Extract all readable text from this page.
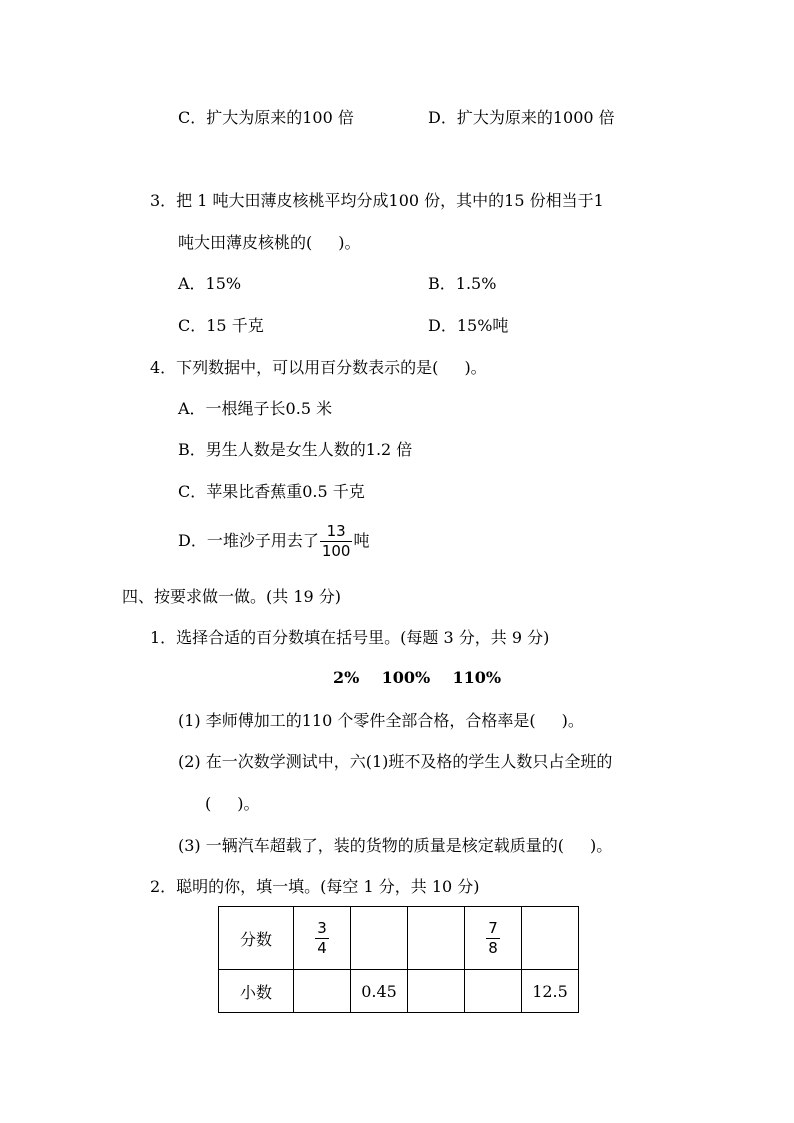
C．扩大为原来的100 倍	D．扩大为原来的1000 倍
3．把 1 吨大田薄皮核桃平均分成100 份，其中的15 份相当于1
吨大田薄皮核桃的( )。
A．15%	B．1.5%
C．15 千克	D．15%吨
4．下列数据中，可以用百分数表示的是( )。
A．一根绳子长0.5 米
B．男生人数是女生人数的1.2 倍
C．苹果比香蕉重0.5 千克
D．一堆沙子用去了 $\frac{13}{100}$ 吨
四、按要求做一做。(共 19 分)
1．选择合适的百分数填在括号里。(每题 3 分，共 9 分)
2%    100%    110%
(1) 李师傅加工的110 个零件全部合格，合格率是( )。
(2) 在一次数学测试中，六(1)班不及格的学生人数只占全班的
( )。
(3) 一辆汽车超载了，装的货物的质量是核定载质量的( )。
2．聪明的你，填一填。(每空 1 分，共 10 分)
分数	$\frac{3}{4}$			$\frac{7}{8}$

小数		0.45			12.5
